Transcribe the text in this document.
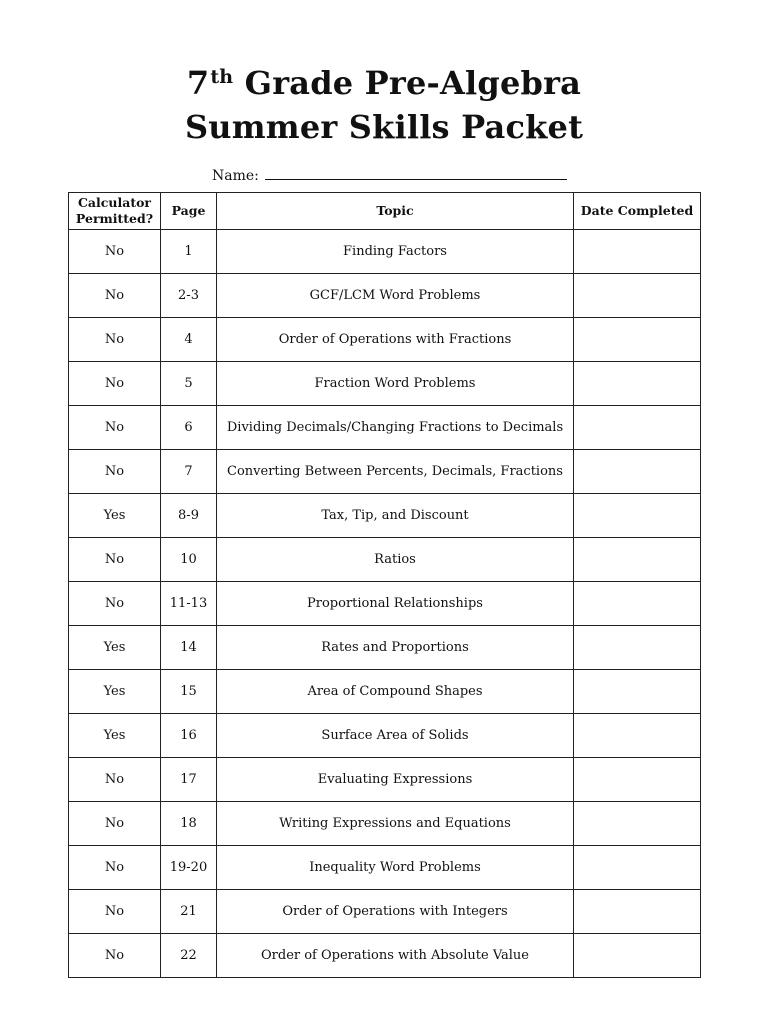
7th Grade Pre-Algebra
Summer Skills Packet
Name:
Calculator
Permitted?	Page	Topic	Date Completed
No	1	Finding Factors	
No	2-3	GCF/LCM Word Problems	
No	4	Order of Operations with Fractions	
No	5	Fraction Word Problems	
No	6	Dividing Decimals/Changing Fractions to Decimals	
No	7	Converting Between Percents, Decimals, Fractions	
Yes	8-9	Tax, Tip, and Discount	
No	10	Ratios	
No	11-13	Proportional Relationships	
Yes	14	Rates and Proportions	
Yes	15	Area of Compound Shapes	
Yes	16	Surface Area of Solids	
No	17	Evaluating Expressions	
No	18	Writing Expressions and Equations	
No	19-20	Inequality Word Problems	
No	21	Order of Operations with Integers	
No	22	Order of Operations with Absolute Value	
